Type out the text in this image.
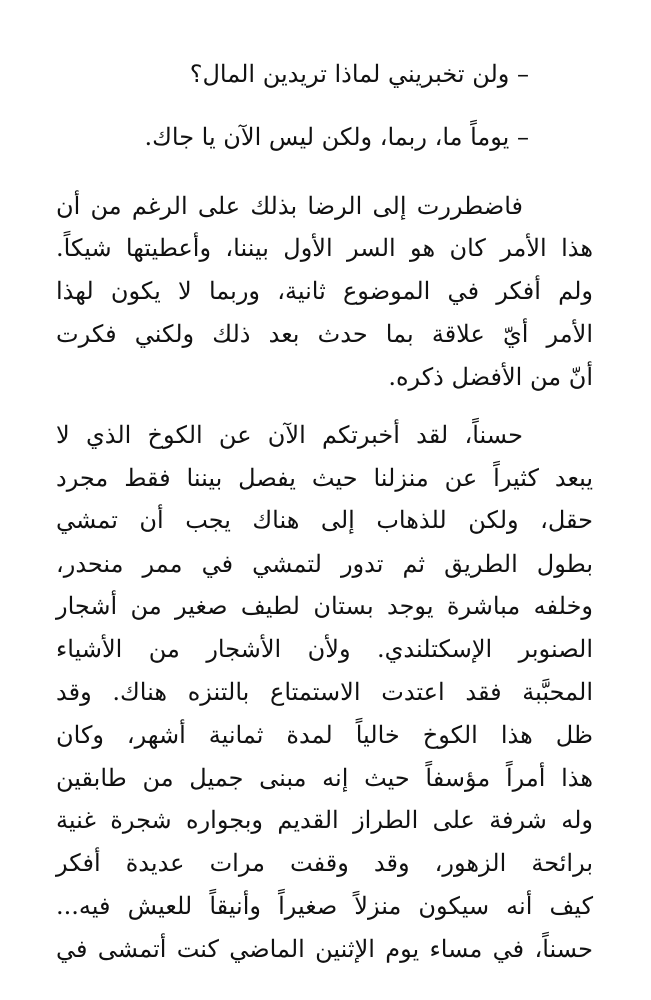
– ولن تخبريني لماذا تريدين المال؟
– يوماً ما، ربما، ولكن ليس الآن يا جاك.
فاضطررت إلى الرضا بذلك على الرغم من أن
هذا الأمر كان هو السر الأول بيننا، وأعطيتها شيكاً.
ولم أفكر في الموضوع ثانية، وربما لا يكون لهذا
الأمر أيّ علاقة بما حدث بعد ذلك ولكني فكرت
أنّ من الأفضل ذكره.
حسناً، لقد أخبرتكم الآن عن الكوخ الذي لا
يبعد كثيراً عن منزلنا حيث يفصل بيننا فقط مجرد
حقل، ولكن للذهاب إلى هناك يجب أن تمشي
بطول الطريق ثم تدور لتمشي في ممر منحدر،
وخلفه مباشرة يوجد بستان لطيف صغير من أشجار
الصنوبر الإسكتلندي. ولأن الأشجار من الأشياء
المحبَّبة فقد اعتدت الاستمتاع بالتنزه هناك. وقد
ظل هذا الكوخ خالياً لمدة ثمانية أشهر، وكان
هذا أمراً مؤسفاً حيث إنه مبنى جميل من طابقين
وله شرفة على الطراز القديم وبجواره شجرة غنية
برائحة الزهور، وقد وقفت مرات عديدة أفكر
كيف أنه سيكون منزلاً صغيراً وأنيقاً للعيش فيه...
حسناً، في مساء يوم الإثنين الماضي كنت أتمشى في
